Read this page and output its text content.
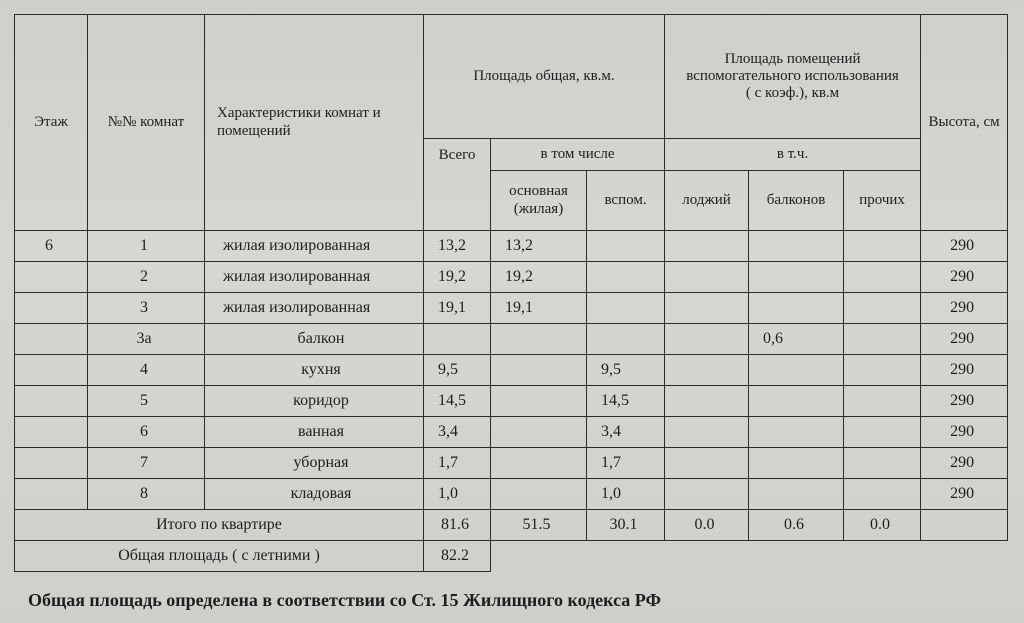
Этаж	№№ комнат	Характеристики комнат и помещений	Площадь общая, кв.м.			Площадь помещений вспомогательного использования ( с коэф.), кв.м			Высота, см
			Всего	в том числе		в т.ч.			
				основная (жилая)	вспом.	лоджий	балконов	прочих	
6	1	жилая изолированная	13,2	13,2					290
	2	жилая изолированная	19,2	19,2					290
	3	жилая изолированная	19,1	19,1					290
	3а	балкон					0,6		290
	4	кухня	9,5		9,5				290
	5	коридор	14,5		14,5				290
	6	ванная	3,4		3,4				290
	7	уборная	1,7		1,7				290
	8	кладовая	1,0		1,0				290
Итого по квартире			81.6	51.5	30.1	0.0	0.6	0.0	
Общая площадь ( с летними )			82.2						
Общая площадь определена в соответствии со Ст. 15 Жилищного кодекса РФ
